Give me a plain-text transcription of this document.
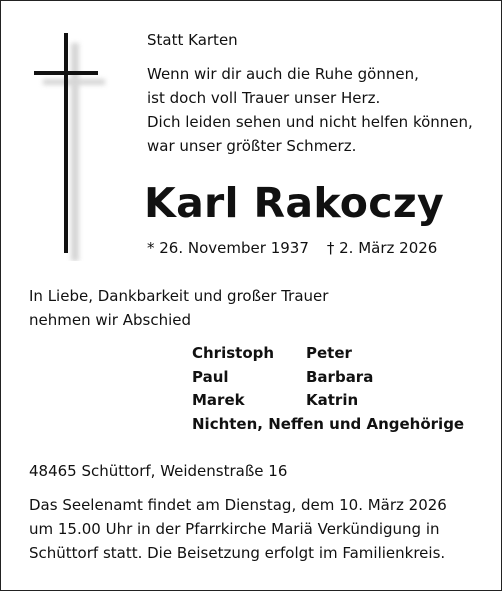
Statt Karten
Wenn wir dir auch die Ruhe gönnen,
ist doch voll Trauer unser Herz.
Dich leiden sehen und nicht helfen können,
war unser größter Schmerz.
Karl Rakoczy
* 26. November 1937 † 2. März 2026
In Liebe, Dankbarkeit und großer Trauer
nehmen wir Abschied
Christoph Peter
Paul	Barbara
Marek	Katrin
Nichten, Neffen und Angehörige
48465 Schüttorf, Weidenstraße 16
Das Seelenamt findet am Dienstag, dem 10. März 2026
um 15.00 Uhr in der Pfarrkirche Mariä Verkündigung in
Schüttorf statt. Die Beisetzung erfolgt im Familienkreis.
